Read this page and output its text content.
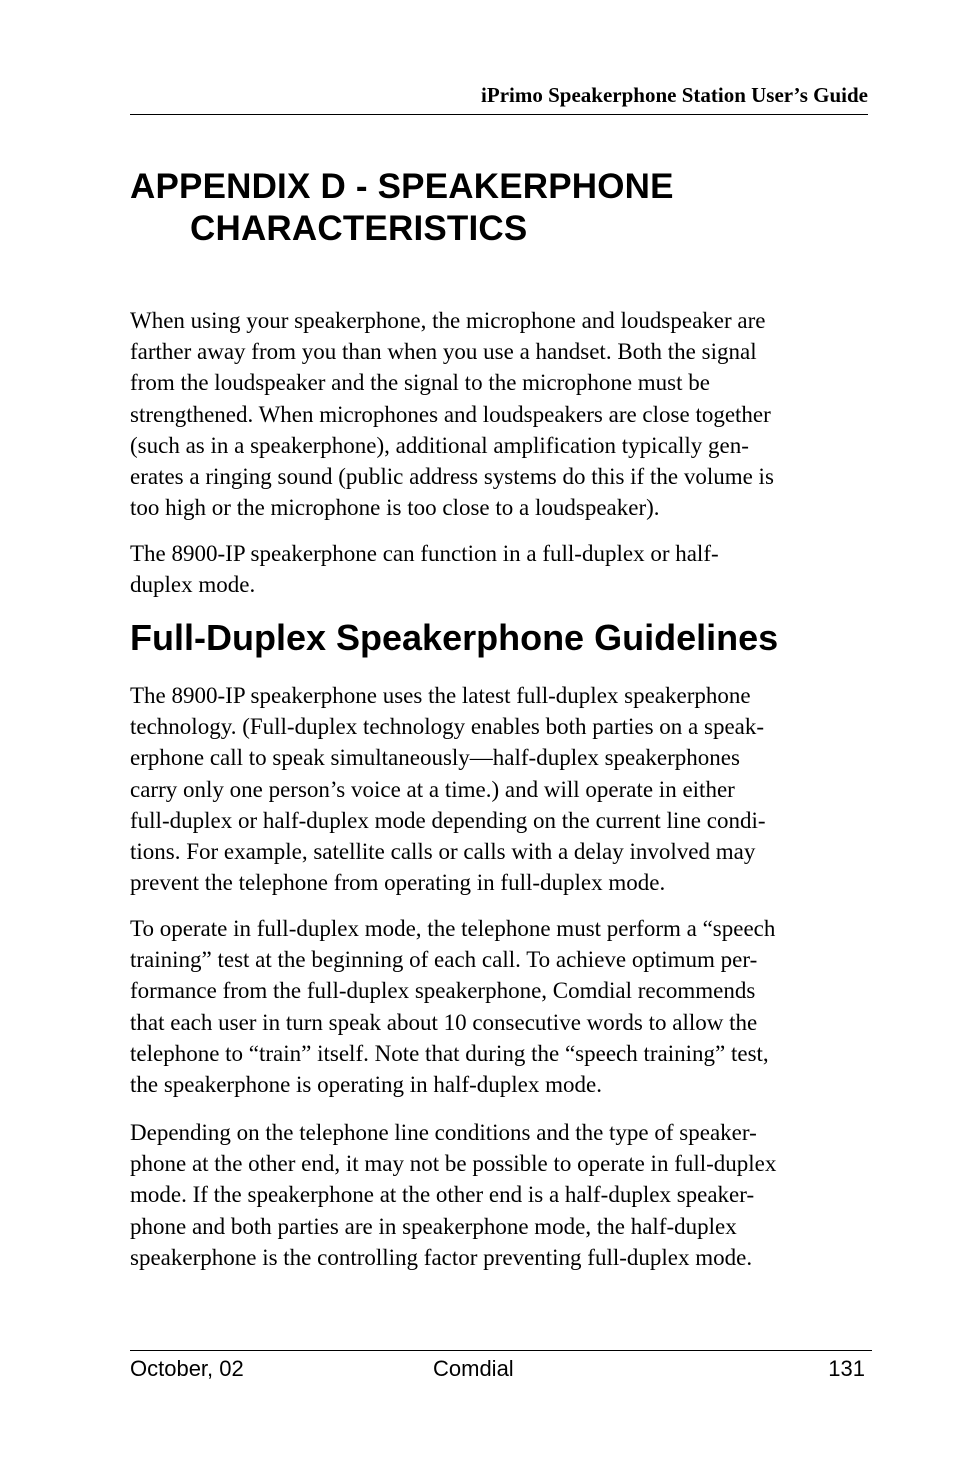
iPrimo Speakerphone Station User’s Guide
APPENDIX D - SPEAKERPHONE
CHARACTERISTICS

When using your speakerphone, the microphone and loudspeaker are
farther away from you than when you use a handset. Both the signal
from the loudspeaker and the signal to the microphone must be
strengthened. When microphones and loudspeakers are close together
(such as in a speakerphone), additional amplification typically gen-
erates a ringing sound (public address systems do this if the volume is
too high or the microphone is too close to a loudspeaker).

The 8900-IP speakerphone can function in a full-duplex or half-
duplex mode.

Full-Duplex Speakerphone Guidelines

The 8900-IP speakerphone uses the latest full-duplex speakerphone
technology. (Full-duplex technology enables both parties on a speak-
erphone call to speak simultaneously—half-duplex speakerphones
carry only one person’s voice at a time.) and will operate in either
full-duplex or half-duplex mode depending on the current line condi-
tions. For example, satellite calls or calls with a delay involved may
prevent the telephone from operating in full-duplex mode.

To operate in full-duplex mode, the telephone must perform a “speech
training” test at the beginning of each call. To achieve optimum per-
formance from the full-duplex speakerphone, Comdial recommends
that each user in turn speak about 10 consecutive words to allow the
telephone to “train” itself. Note that during the “speech training” test,
the speakerphone is operating in half-duplex mode.

Depending on the telephone line conditions and the type of speaker-
phone at the other end, it may not be possible to operate in full-duplex
mode. If the speakerphone at the other end is a half-duplex speaker-
phone and both parties are in speakerphone mode, the half-duplex
speakerphone is the controlling factor preventing full-duplex mode.

October, 02	Comdial	131
